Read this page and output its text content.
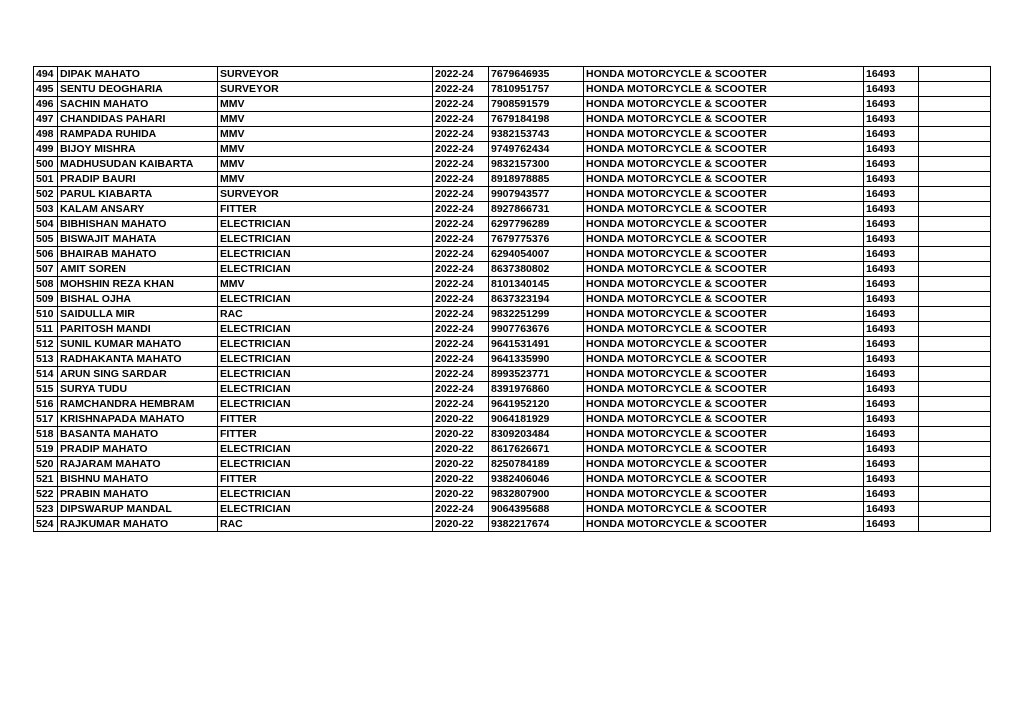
494	DIPAK MAHATO	SURVEYOR	2022-24	7679646935	HONDA MOTORCYCLE & SCOOTER	16493	
495	SENTU DEOGHARIA	SURVEYOR	2022-24	7810951757	HONDA MOTORCYCLE & SCOOTER	16493	
496	SACHIN MAHATO	MMV	2022-24	7908591579	HONDA MOTORCYCLE & SCOOTER	16493	
497	CHANDIDAS PAHARI	MMV	2022-24	7679184198	HONDA MOTORCYCLE & SCOOTER	16493	
498	RAMPADA RUHIDA	MMV	2022-24	9382153743	HONDA MOTORCYCLE & SCOOTER	16493	
499	BIJOY MISHRA	MMV	2022-24	9749762434	HONDA MOTORCYCLE & SCOOTER	16493	
500	MADHUSUDAN KAIBARTA	MMV	2022-24	9832157300	HONDA MOTORCYCLE & SCOOTER	16493	
501	PRADIP BAURI	MMV	2022-24	8918978885	HONDA MOTORCYCLE & SCOOTER	16493	
502	PARUL KIABARTA	SURVEYOR	2022-24	9907943577	HONDA MOTORCYCLE & SCOOTER	16493	
503	KALAM ANSARY	FITTER	2022-24	8927866731	HONDA MOTORCYCLE & SCOOTER	16493	
504	BIBHISHAN MAHATO	ELECTRICIAN	2022-24	6297796289	HONDA MOTORCYCLE & SCOOTER	16493	
505	BISWAJIT MAHATA	ELECTRICIAN	2022-24	7679775376	HONDA MOTORCYCLE & SCOOTER	16493	
506	BHAIRAB MAHATO	ELECTRICIAN	2022-24	6294054007	HONDA MOTORCYCLE & SCOOTER	16493	
507	AMIT SOREN	ELECTRICIAN	2022-24	8637380802	HONDA MOTORCYCLE & SCOOTER	16493	
508	MOHSHIN REZA KHAN	MMV	2022-24	8101340145	HONDA MOTORCYCLE & SCOOTER	16493	
509	BISHAL OJHA	ELECTRICIAN	2022-24	8637323194	HONDA MOTORCYCLE & SCOOTER	16493	
510	SAIDULLA MIR	RAC	2022-24	9832251299	HONDA MOTORCYCLE & SCOOTER	16493	
511	PARITOSH MANDI	ELECTRICIAN	2022-24	9907763676	HONDA MOTORCYCLE & SCOOTER	16493	
512	SUNIL KUMAR MAHATO	ELECTRICIAN	2022-24	9641531491	HONDA MOTORCYCLE & SCOOTER	16493	
513	RADHAKANTA MAHATO	ELECTRICIAN	2022-24	9641335990	HONDA MOTORCYCLE & SCOOTER	16493	
514	ARUN SING SARDAR	ELECTRICIAN	2022-24	8993523771	HONDA MOTORCYCLE & SCOOTER	16493	
515	SURYA TUDU	ELECTRICIAN	2022-24	8391976860	HONDA MOTORCYCLE & SCOOTER	16493	
516	RAMCHANDRA HEMBRAM	ELECTRICIAN	2022-24	9641952120	HONDA MOTORCYCLE & SCOOTER	16493	
517	KRISHNAPADA MAHATO	FITTER	2020-22	9064181929	HONDA MOTORCYCLE & SCOOTER	16493	
518	BASANTA MAHATO	FITTER	2020-22	8309203484	HONDA MOTORCYCLE & SCOOTER	16493	
519	PRADIP MAHATO	ELECTRICIAN	2020-22	8617626671	HONDA MOTORCYCLE & SCOOTER	16493	
520	RAJARAM MAHATO	ELECTRICIAN	2020-22	8250784189	HONDA MOTORCYCLE & SCOOTER	16493	
521	BISHNU MAHATO	FITTER	2020-22	9382406046	HONDA MOTORCYCLE & SCOOTER	16493	
522	PRABIN MAHATO	ELECTRICIAN	2020-22	9832807900	HONDA MOTORCYCLE & SCOOTER	16493	
523	DIPSWARUP MANDAL	ELECTRICIAN	2022-24	9064395688	HONDA MOTORCYCLE & SCOOTER	16493	
524	RAJKUMAR MAHATO	RAC	2020-22	9382217674	HONDA MOTORCYCLE & SCOOTER	16493	
